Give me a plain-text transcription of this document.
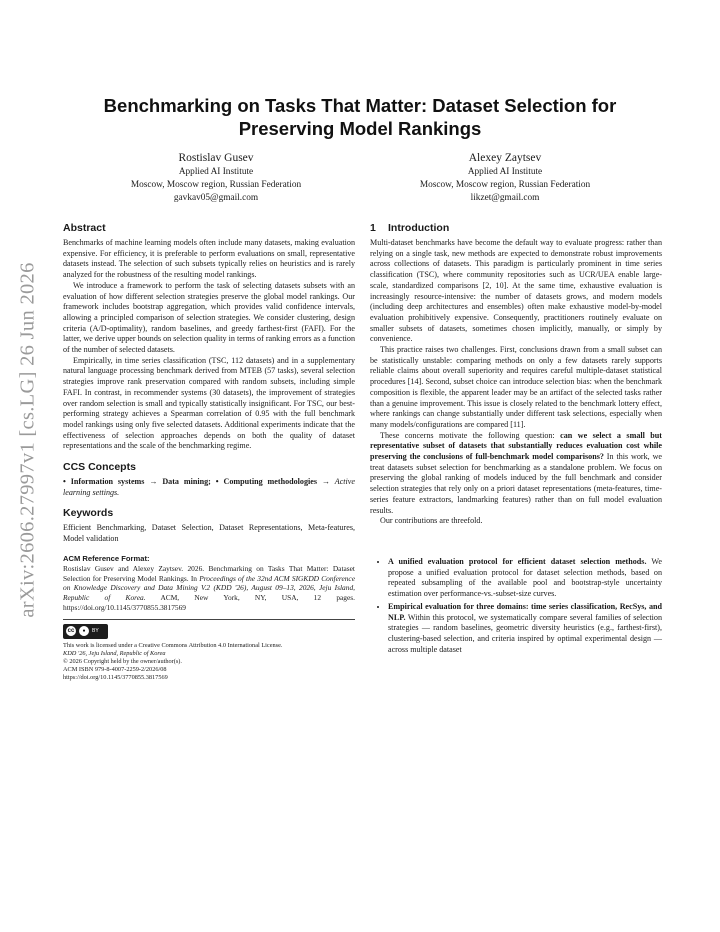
arXiv:2606.27997v1 [cs.LG] 26 Jun 2026
Benchmarking on Tasks That Matter: Dataset Selection for
Preserving Model Rankings
Rostislav Gusev
Applied AI Institute
Moscow, Moscow region, Russian Federation
gavkav05@gmail.com
Alexey Zaytsev
Applied AI Institute
Moscow, Moscow region, Russian Federation
likzet@gmail.com
Abstract

Benchmarks of machine learning models often include many datasets, making evaluation expensive. For efficiency, it is preferable to perform evaluations on small, representative datasets instead. The selection of such subsets typically relies on heuristics and is rarely analyzed for the robustness of the resulting model rankings.

We introduce a framework to perform the task of selecting datasets subsets with an evaluation of how different selection strategies preserve the global model rankings. Our framework includes bootstrap aggregation, which provides valid confidence intervals, allowing a principled comparison of selection strategies. We consider clustering, design criteria (A/D-optimality), random baselines, and greedy farthest-first (FAFI). For the latter, we derive upper bounds on selection quality in terms of ranking errors as a function of the number of selected datasets.

Empirically, in time series classification (TSC, 112 datasets) and in a supplementary natural language processing benchmark derived from MTEB (57 tasks), several selection strategies improve rank preservation compared with random subsets, including simple FAFI. In contrast, in recommender systems (30 datasets), the improvement of strategies over random selection is small and typically statistically insignificant. For TSC, our best-performing strategy achieves a Spearman correlation of 0.95 with the full benchmark model rankings using only five selected datasets. Additional experiments indicate that the effectiveness of selection approaches depends on both the quality of dataset representations and the scale of the benchmarking regime.

CCS Concepts

• Information systems → Data mining; • Computing methodologies → Active learning settings.

Keywords

Efficient Benchmarking, Dataset Selection, Dataset Representations, Meta-features, Model validation

ACM Reference Format:

Rostislav Gusev and Alexey Zaytsev. 2026. Benchmarking on Tasks That Matter: Dataset Selection for Preserving Model Rankings. In Proceedings of the 32nd ACM SIGKDD Conference on Knowledge Discovery and Data Mining V.2 (KDD '26), August 09–13, 2026, Jeju Island, Republic of Korea. ACM, New York, NY, USA, 12 pages. https://doi.org/10.1145/3770855.3817569

cc	●	BY

This work is licensed under a Creative Commons Attribution 4.0 International License.
KDD '26, Jeju Island, Republic of Korea
© 2026 Copyright held by the owner/author(s).
ACM ISBN 979-8-4007-2259-2/2026/08
https://doi.org/10.1145/3770855.3817569

1 Introduction

Multi-dataset benchmarks have become the default way to evaluate progress: rather than relying on a single task, new methods are expected to demonstrate robust improvements across collections of datasets. This paradigm is particularly prominent in time series classification (TSC), where community repositories such as UCR/UEA enable large-scale, standardized comparisons [2, 10]. At the same time, exhaustive evaluation is increasingly resource-intensive: the number of datasets grows, and modern models (including deep architectures and ensembles) often make exhaustive model-by-model evaluation prohibitively expensive. Consequently, practitioners routinely evaluate on smaller subsets of datasets, sometimes chosen implicitly, manually, or simply by convenience.

This practice raises two challenges. First, conclusions drawn from a small subset can be statistically unstable: comparing methods on only a few datasets rarely supports reliable claims about overall superiority and requires careful multiple-dataset statistical procedures [14]. Second, subset choice can introduce selection bias: when the benchmark composition is flexible, the apparent leader may be an artifact of the selected tasks rather than a genuine improvement. This issue is closely related to the benchmark lottery effect, where rankings can change substantially under different task selections, especially when many models/configurations are compared [11].

These concerns motivate the following question: can we select a small but representative subset of datasets that substantially reduces evaluation cost while preserving the conclusions of full-benchmark model comparisons? In this work, we treat datasets subset selection for benchmarking as a standalone problem. We focus on preserving the global ranking of models induced by the full benchmark and consider selection strategies that rely only on a priori dataset representations (meta-features, time-series feature extractors, landmarking features) rather than on full model evaluation results.

Our contributions are threefold.

• A unified evaluation protocol for efficient dataset selection methods. We propose a unified evaluation protocol for dataset selection methods, based on repeated subsampling of the available pool and bootstrap-style uncertainty estimation over performance-vs.-subset-size curves.
• Empirical evaluation for three domains: time series classification, RecSys, and NLP. Within this protocol, we systematically compare several families of selection strategies — random baselines, geometric diversity heuristics (e.g., farthest-first), clustering-based selection, and criteria inspired by optimal experimental design — across multiple dataset
